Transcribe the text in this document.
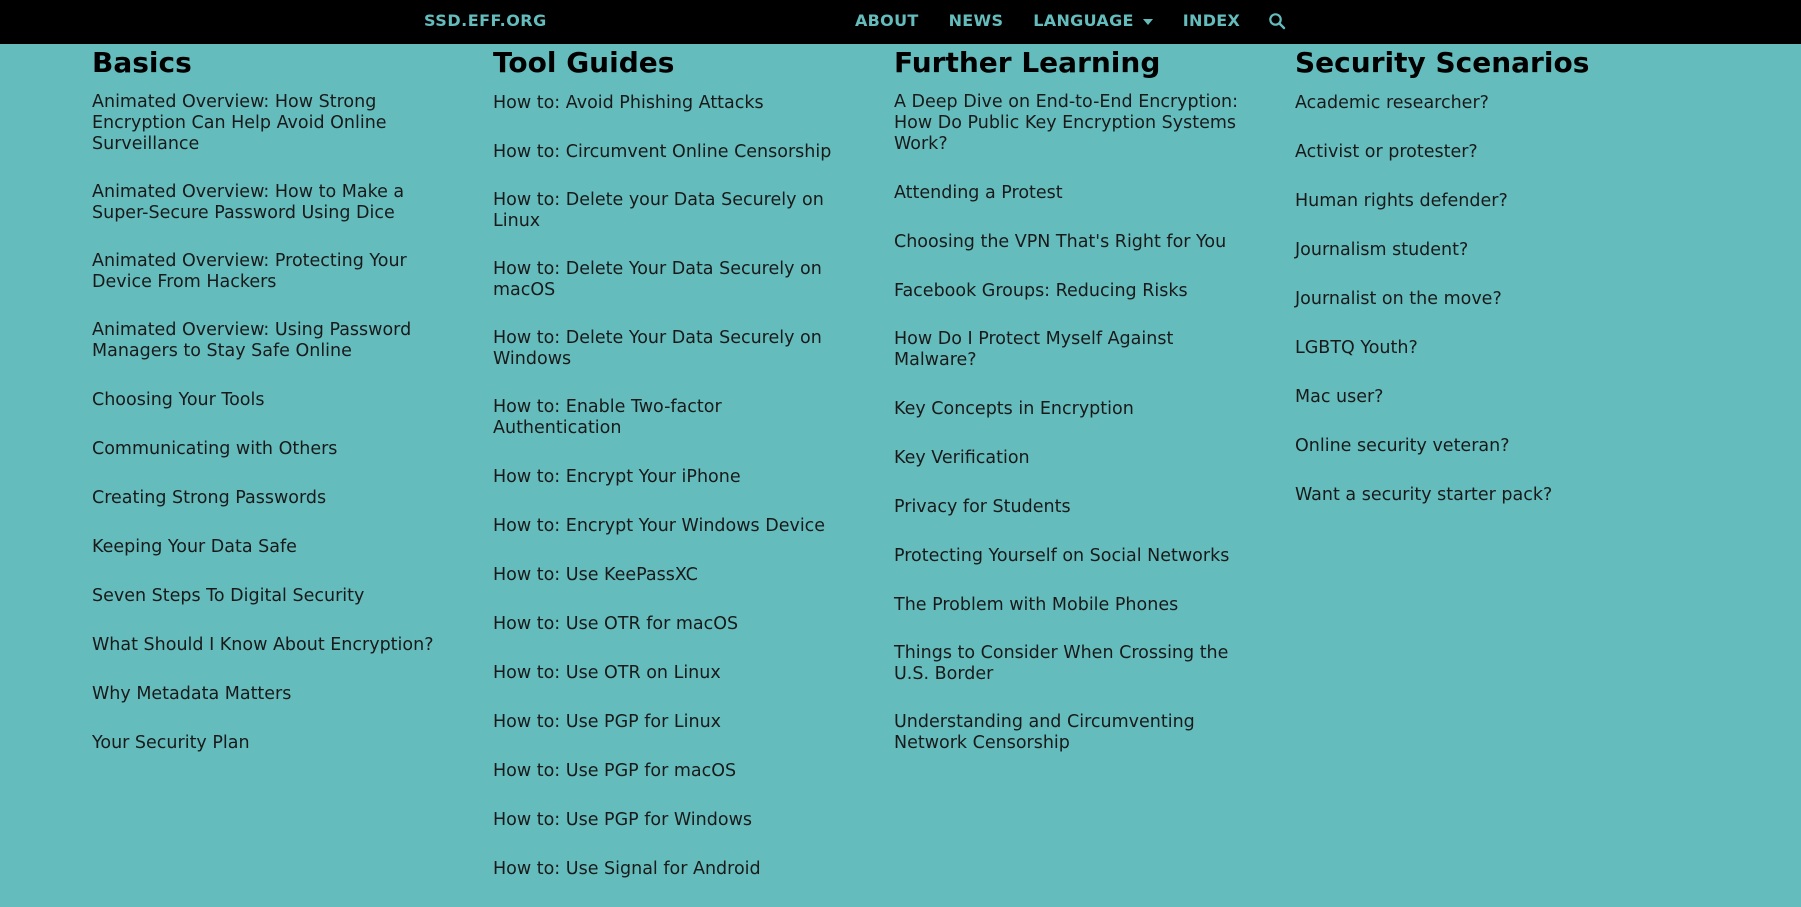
SSD.EFF.ORG	ABOUT NEWS LANGUAGE	INDEX
Basics
Animated Overview: How Strong Encryption Can Help Avoid Online Surveillance
Animated Overview: How to Make a Super-Secure Password Using Dice
Animated Overview: Protecting Your Device From Hackers
Animated Overview: Using Password Managers to Stay Safe Online
Choosing Your Tools
Communicating with Others
Creating Strong Passwords
Keeping Your Data Safe
Seven Steps To Digital Security
What Should I Know About Encryption?
Why Metadata Matters
Your Security Plan
Tool Guides
How to: Avoid Phishing Attacks
How to: Circumvent Online Censorship
How to: Delete your Data Securely on Linux
How to: Delete Your Data Securely on macOS
How to: Delete Your Data Securely on Windows
How to: Enable Two-factor Authentication
How to: Encrypt Your iPhone
How to: Encrypt Your Windows Device
How to: Use KeePassXC
How to: Use OTR for macOS
How to: Use OTR on Linux
How to: Use PGP for Linux
How to: Use PGP for macOS
How to: Use PGP for Windows
How to: Use Signal for Android
Further Learning
A Deep Dive on End-to-End Encryption: How Do Public Key Encryption Systems Work?
Attending a Protest
Choosing the VPN That's Right for You
Facebook Groups: Reducing Risks
How Do I Protect Myself Against Malware?
Key Concepts in Encryption
Key Verification
Privacy for Students
Protecting Yourself on Social Networks
The Problem with Mobile Phones
Things to Consider When Crossing the U.S. Border
Understanding and Circumventing Network Censorship
Security Scenarios
Academic researcher?
Activist or protester?
Human rights defender?
Journalism student?
Journalist on the move?
LGBTQ Youth?
Mac user?
Online security veteran?
Want a security starter pack?
